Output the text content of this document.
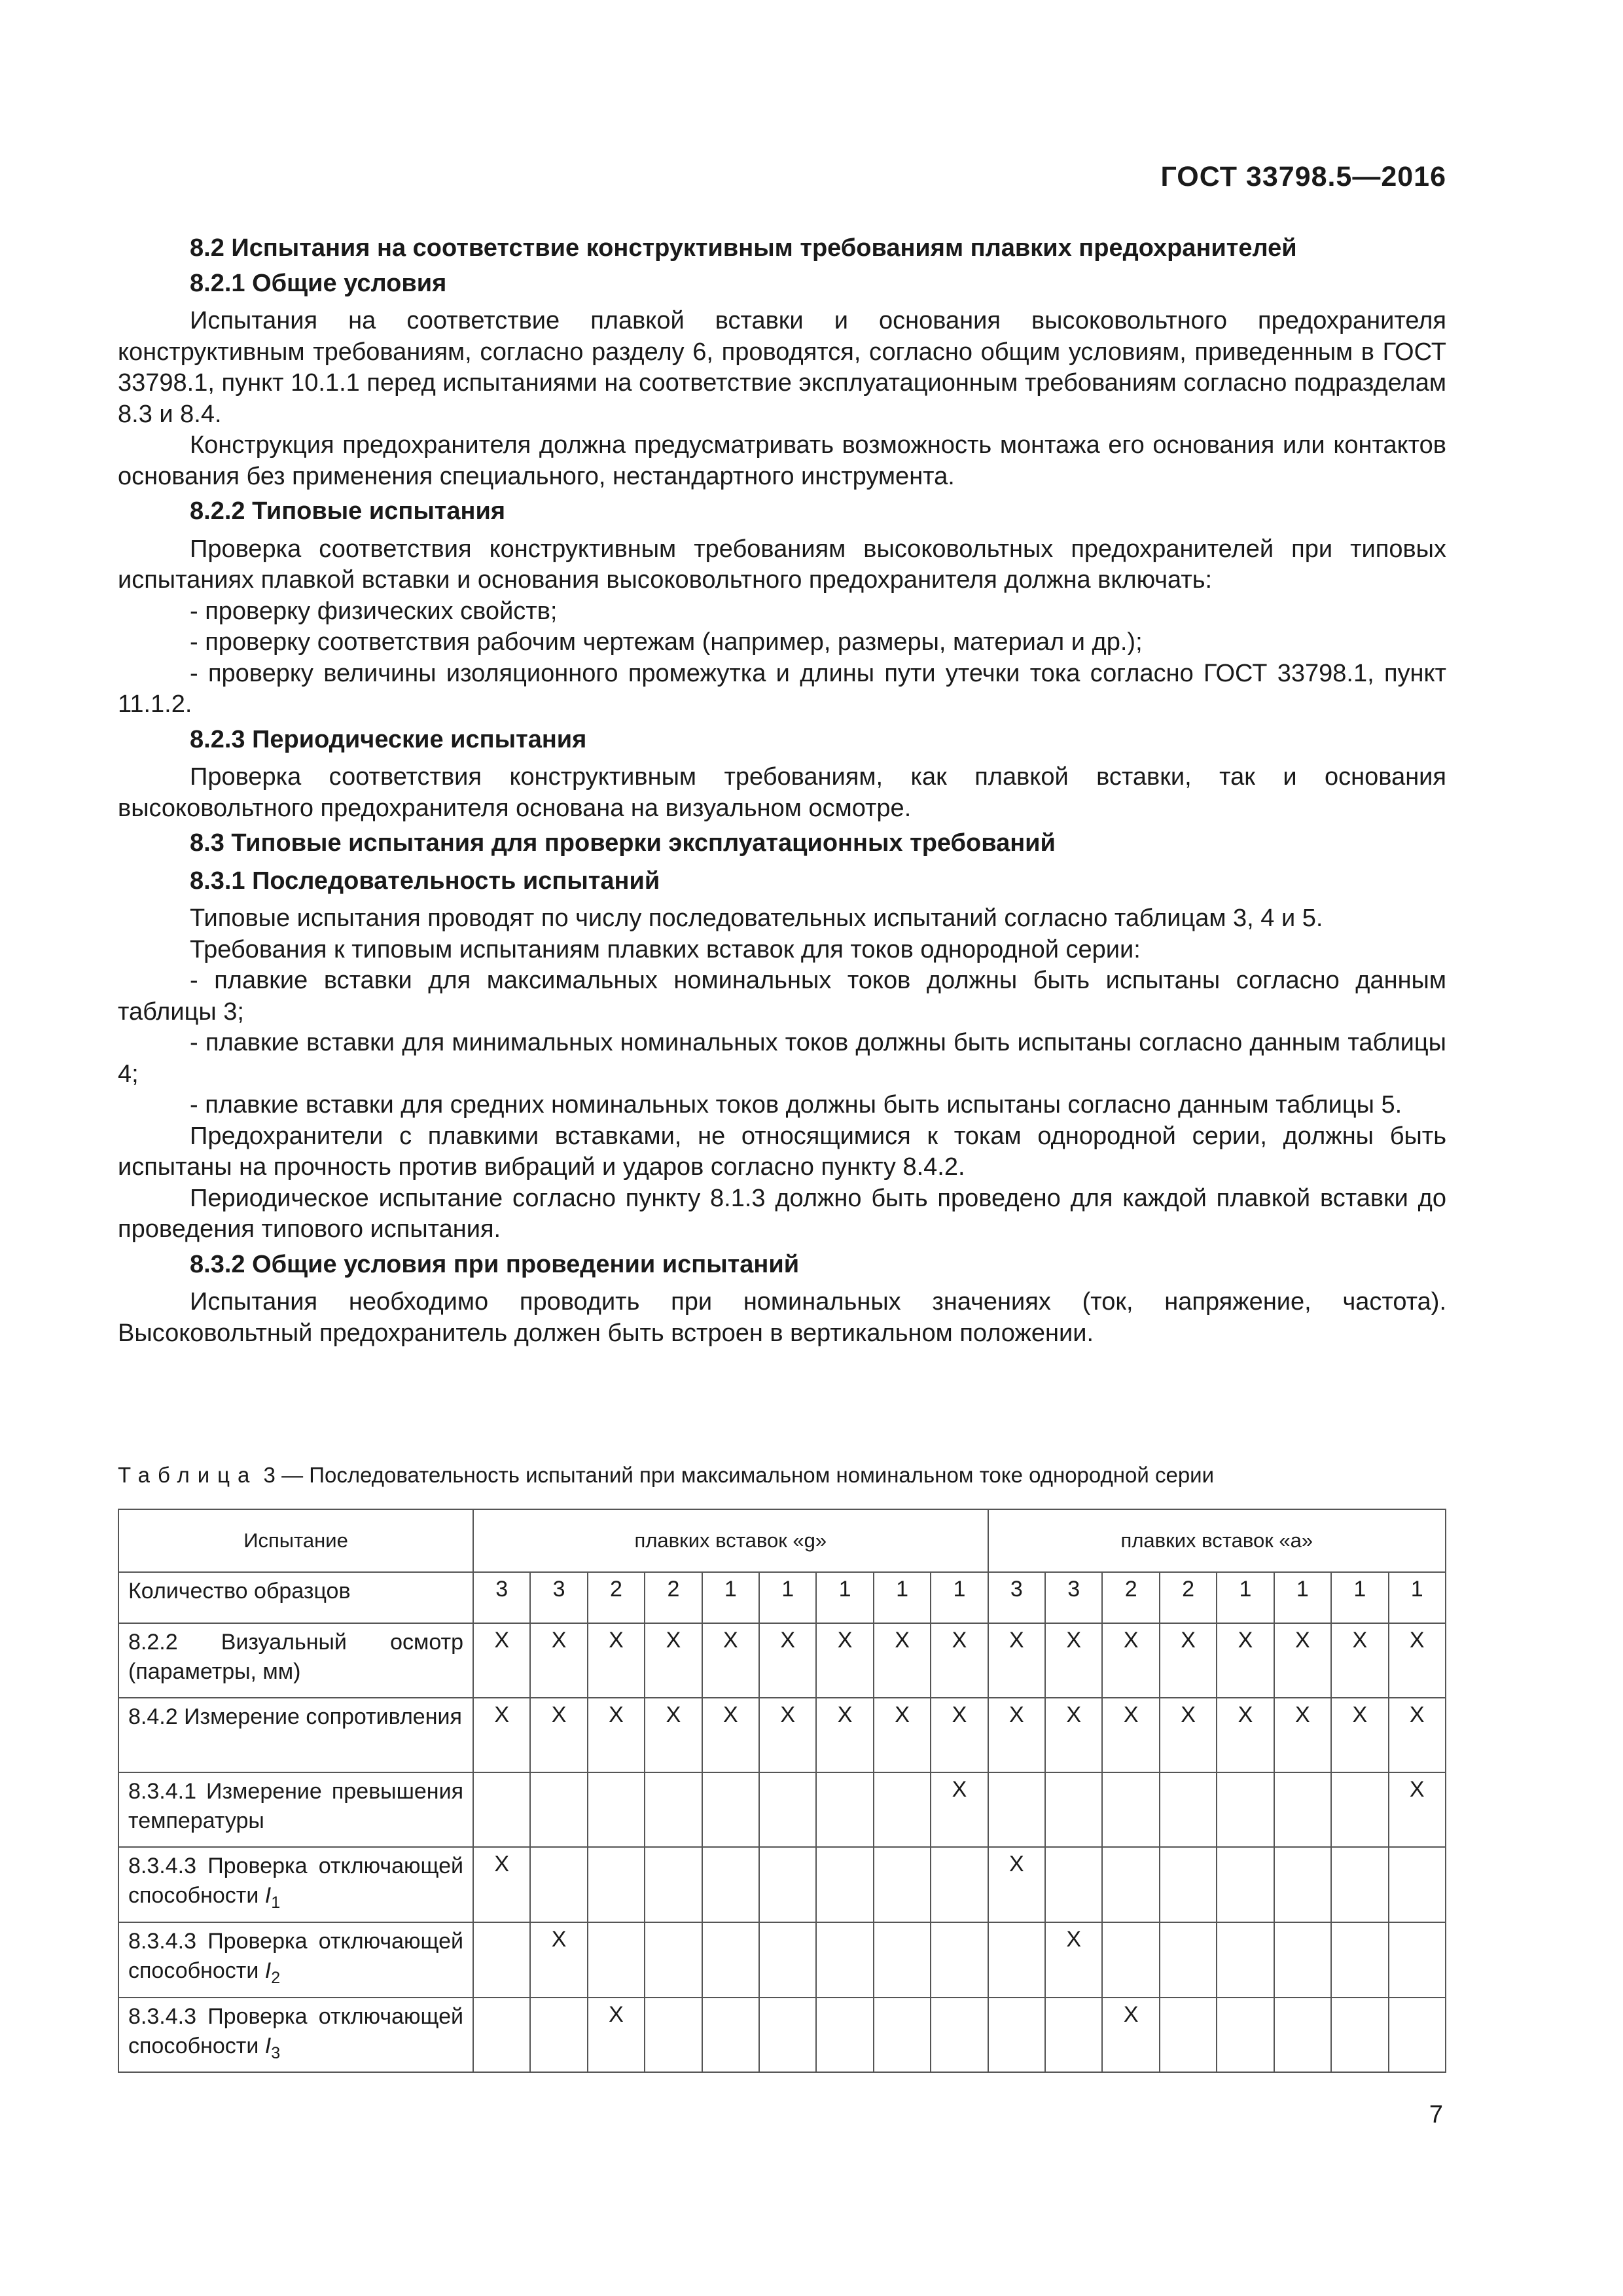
ГОСТ 33798.5—2016
8.2 Испытания на соответствие конструктивным требованиям плавких предохранителей
8.2.1 Общие условия
Испытания на соответствие плавкой вставки и основания высоковольтного предохранителя конструктивным требованиям, согласно разделу 6, проводятся, согласно общим условиям, приведенным в ГОСТ 33798.1, пункт 10.1.1 перед испытаниями на соответствие эксплуатационным требованиям согласно подразделам 8.3 и 8.4.
Конструкция предохранителя должна предусматривать возможность монтажа его основания или контактов основания без применения специального, нестандартного инструмента.
8.2.2 Типовые испытания
Проверка соответствия конструктивным требованиям высоковольтных предохранителей при типовых испытаниях плавкой вставки и основания высоковольтного предохранителя должна включать:
- проверку физических свойств;
- проверку соответствия рабочим чертежам (например, размеры, материал и др.);
- проверку величины изоляционного промежутка и длины пути утечки тока согласно ГОСТ 33798.1, пункт 11.1.2.
8.2.3 Периодические испытания
Проверка соответствия конструктивным требованиям, как плавкой вставки, так и основания высоковольтного предохранителя основана на визуальном осмотре.
8.3 Типовые испытания для проверки эксплуатационных требований
8.3.1 Последовательность испытаний
Типовые испытания проводят по числу последовательных испытаний согласно таблицам 3, 4 и 5.
Требования к типовым испытаниям плавких вставок для токов однородной серии:
- плавкие вставки для максимальных номинальных токов должны быть испытаны согласно данным таблицы 3;
- плавкие вставки для минимальных номинальных токов должны быть испытаны согласно данным таблицы 4;
- плавкие вставки для средних номинальных токов должны быть испытаны согласно данным таблицы 5.
Предохранители с плавкими вставками, не относящимися к токам однородной серии, должны быть испытаны на прочность против вибраций и ударов согласно пункту 8.4.2.
Периодическое испытание согласно пункту 8.1.3 должно быть проведено для каждой плавкой вставки до проведения типового испытания.
8.3.2 Общие условия при проведении испытаний
Испытания необходимо проводить при номинальных значениях (ток, напряжение, частота). Высоковольтный предохранитель должен быть встроен в вертикальном положении.
Таблица 3 — Последовательность испытаний при максимальном номинальном токе однородной серии
Испытание	плавких вставок «g»									плавких вставок «a»							
Количество образцов	3	3	2	2	1	1	1	1	1	3	3	2	2	1	1	1	1
8.2.2 Визуальный осмотр (параметры, мм)	X	X	X	X	X	X	X	X	X	X	X	X	X	X	X	X	X
8.4.2 Измерение сопротивления	X	X	X	X	X	X	X	X	X	X	X	X	X	X	X	X	X
8.3.4.1 Измерение превышения температуры									X								X
8.3.4.3 Проверка отключающей способности $I_1$	X									X							
8.3.4.3 Проверка отключающей способности $I_2$		X									X						
8.3.4.3 Проверка отключающей способности $I_3$			X									X					
7
